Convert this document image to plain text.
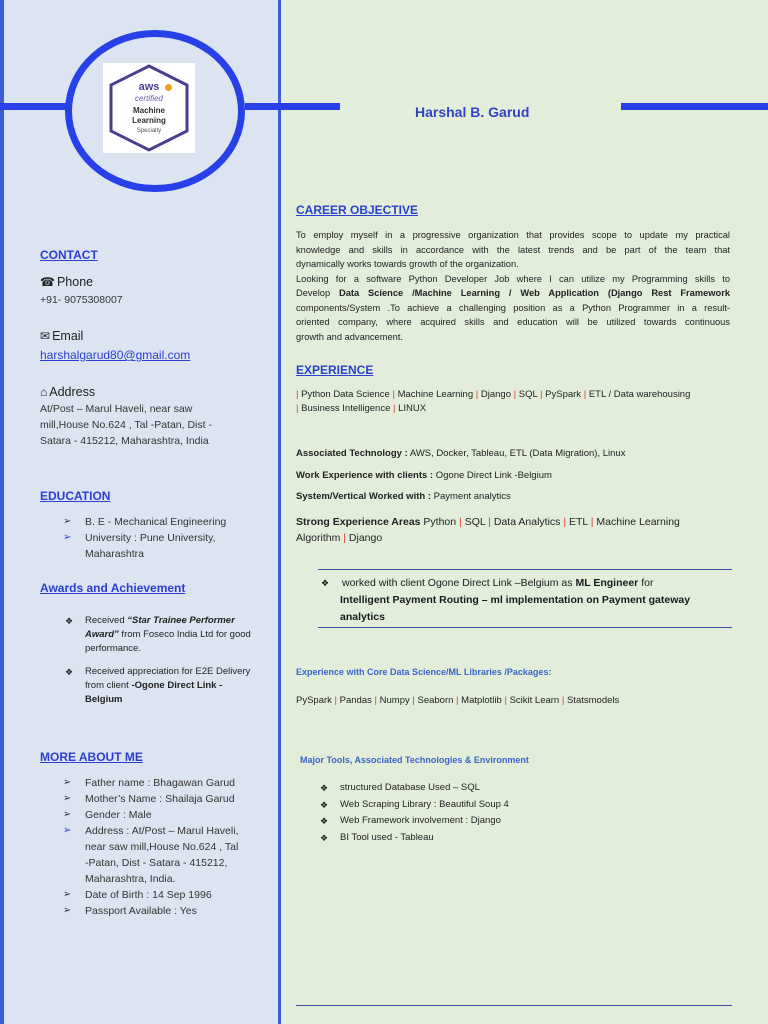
aws
certified
Machine
Learning
Specialty
Harshal B. Garud
CONTACT
☎ Phone
+91- 9075308007
✉ Email
harshalgarud80@gmail.com
⌂ Address
At/Post – Marul Haveli, near saw
mill,House No.624 , Tal -Patan, Dist -
Satara - 415212, Maharashtra, India
EDUCATION
➢ B. E - Mechanical Engineering
➢ University : Pune University,
Maharashtra
Awards and Achievement
❖ Received “Star Trainee Performer Award” from Foseco India Ltd for good performance.
❖ Received appreciation for E2E Delivery from client -Ogone Direct Link -Belgium
MORE ABOUT ME
➢ Father name : Bhagawan Garud
➢ Mother’s Name : Shailaja Garud
➢ Gender : Male
➢ Address : At/Post – Marul Haveli,
near saw mill,House No.624 , Tal
-Patan, Dist - Satara - 415212,
Maharashtra, India.
➢ Date of Birth : 14 Sep 1996
➢ Passport Available : Yes
CAREER OBJECTIVE
To employ myself in a progressive organization that provides scope to update my practical
knowledge and skills in accordance with the latest trends and be part of the team that
dynamically works towards growth of the organization.
Looking for a software Python Developer Job where I can utilize my Programming skills to
Develop Data Science /Machine Learning / Web Application (Django Rest Framework
components/System .To achieve a challenging position as a Python Programmer in a result-
oriented company, where acquired skills and education will be utilized towards continuous
growth and advancement.
EXPERIENCE
| Python Data Science | Machine Learning | Django | SQL | PySpark | ETL / Data warehousing
| Business Intelligence | LINUX
Associated Technology : AWS, Docker, Tableau, ETL (Data Migration), Linux
Work Experience with clients : Ogone Direct Link -Belgium
System/Vertical Worked with : Payment analytics
Strong Experience Areas Python | SQL | Data Analytics | ETL | Machine Learning
Algorithm | Django
❖ worked with client Ogone Direct Link –Belgium as ML Engineer for
Intelligent Payment Routing – ml implementation on Payment gateway
analytics
Experience with Core Data Science/ML Libraries /Packages:
PySpark | Pandas | Numpy | Seaborn | Matplotlib | Scikit Learn | Statsmodels
Major Tools, Associated Technologies & Environment
❖ structured Database Used – SQL
❖ Web Scraping Library : Beautiful Soup 4
❖ Web Framework involvement : Django
❖ BI Tool used - Tableau
